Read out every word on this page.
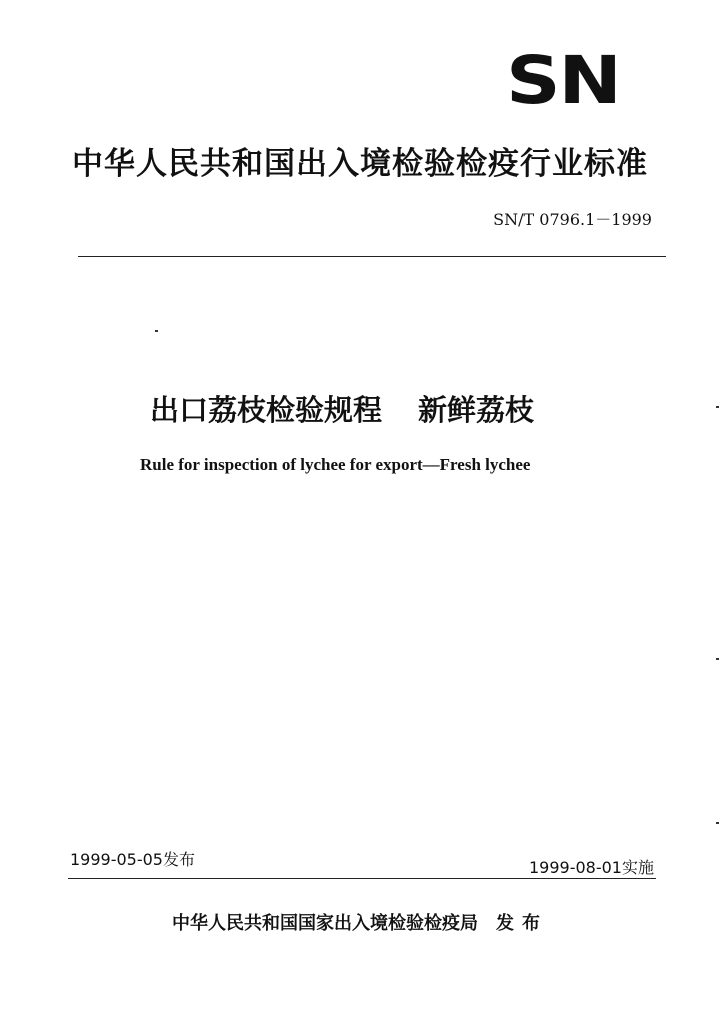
SN
中华人民共和国出入境检验检疫行业标准
SN/T 0796.1－1999
出口荔枝检验规程 新鲜荔枝
Rule for inspection of lychee for export—Fresh lychee
1999-05-05发布	1999-08-01实施
中华人民共和国国家出入境检验检疫局 发布
